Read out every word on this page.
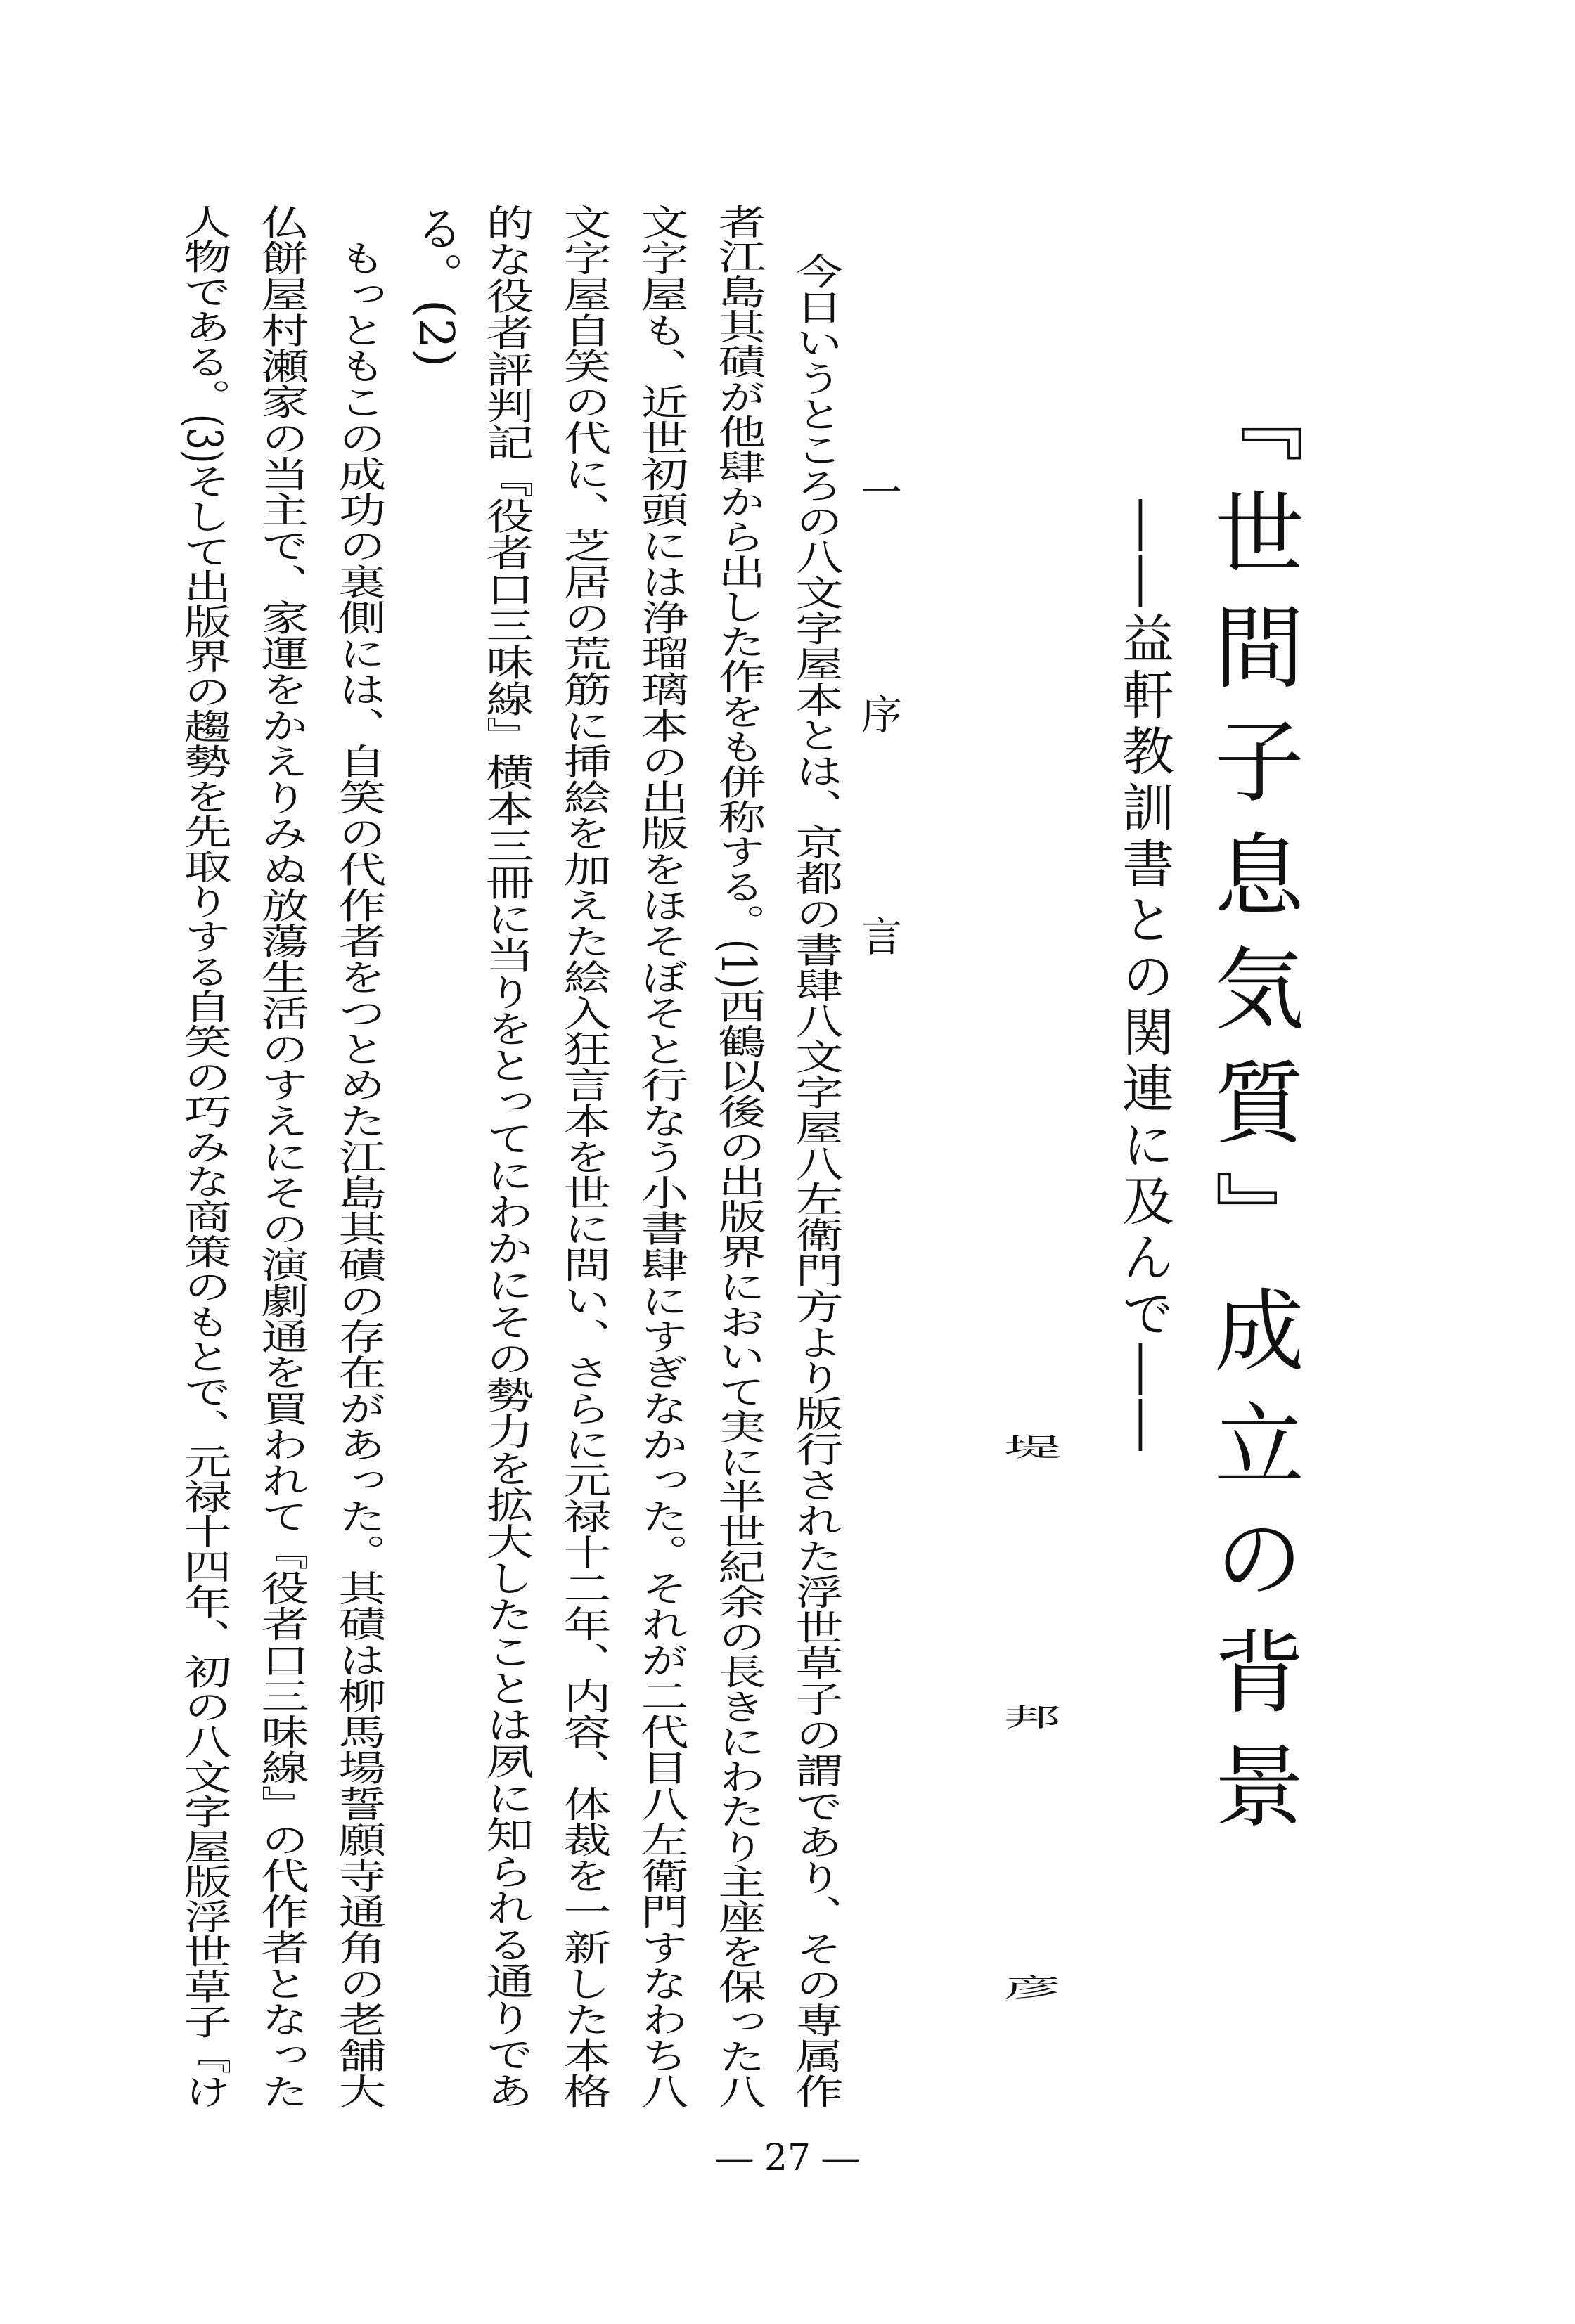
『世間子息気質』成立の背景
――益軒教訓書との関連に及んで――
堤　邦　彦
一　序　言
今日いうところの八文字屋本とは、京都の書肆八文字屋八左衛門方より版行された浮世草子の謂であり、その専属作
者江島其磧が他肆から出した作をも併称する。(1)西鶴以後の出版界において実に半世紀余の長きにわたり主座を保った八
文字屋も、近世初頭には浄瑠璃本の出版をほそぼそと行なう小書肆にすぎなかった。それが二代目八左衛門すなわち八
文字屋自笑の代に、芝居の荒筋に挿絵を加えた絵入狂言本を世に問い、さらに元禄十二年、内容、体裁を一新した本格
的な役者評判記『役者口三味線』横本三冊に当りをとってにわかにその勢力を拡大したことは夙に知られる通りであ
る。(2)
　もっともこの成功の裏側には、自笑の代作者をつとめた江島其磧の存在があった。其磧は柳馬場誓願寺通角の老舗大
仏餅屋村瀬家の当主で、家運をかえりみぬ放蕩生活のすえにその演劇通を買われて『役者口三味線』の代作者となった
人物である。(3)そして出版界の趨勢を先取りする自笑の巧みな商策のもとで、元禄十四年、初の八文字屋版浮世草子『け
― 27 ―
